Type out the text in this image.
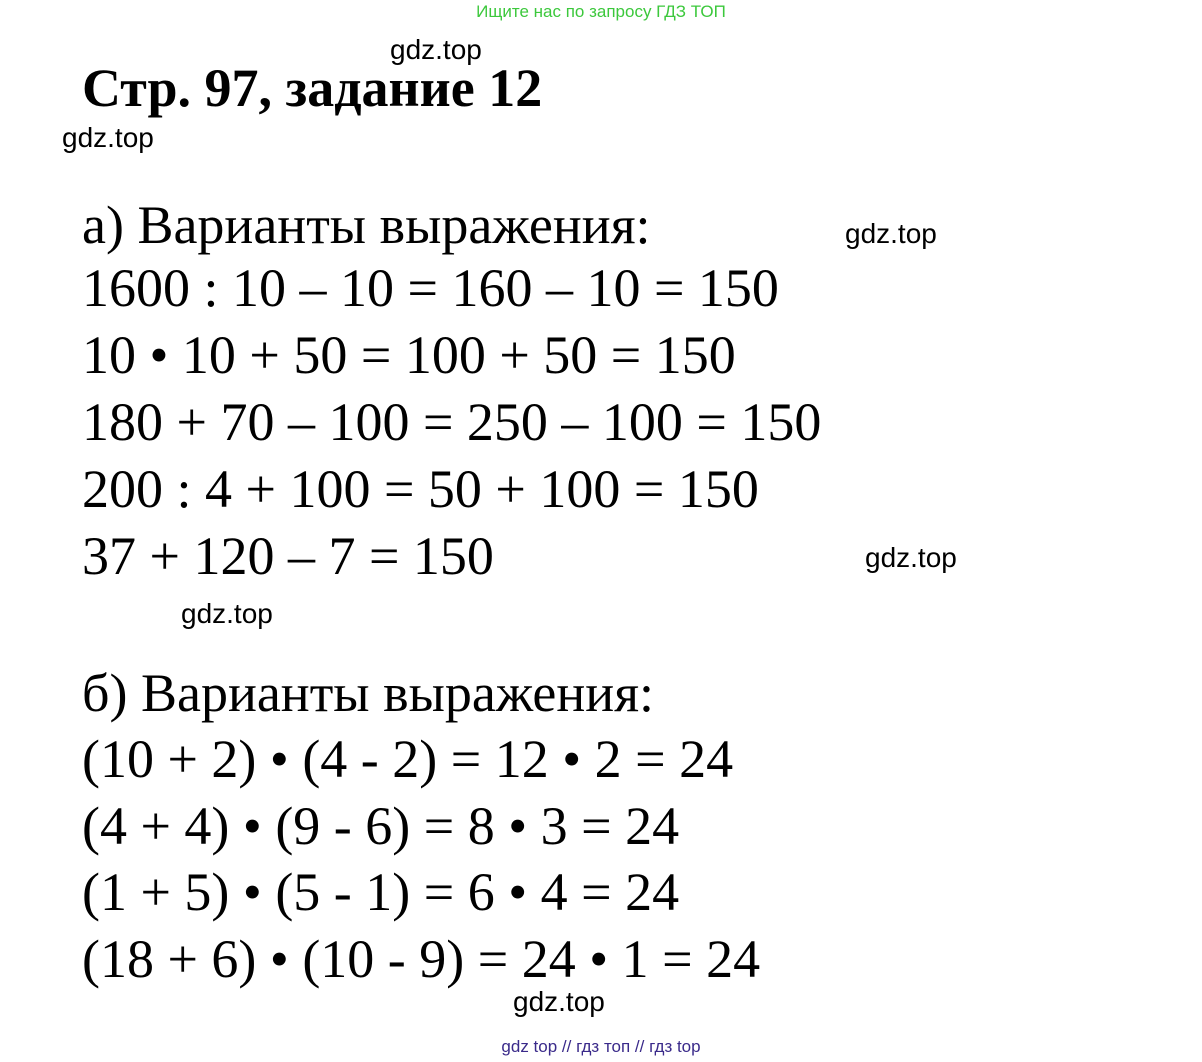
Ищите нас по запросу ГДЗ ТОП
Стр. 97, задание 12
gdz.top
gdz.top
gdz.top
gdz.top
gdz.top
gdz.top

а) Варианты выражения:

1600 : 10 – 10 = 160 – 10 = 150

10 • 10 + 50 = 100 + 50 = 150

180 + 70 – 100 = 250 – 100 = 150

200 : 4 + 100 = 50 + 100 = 150

37 + 120 – 7 = 150

б) Варианты выражения:

(10 + 2) • (4 - 2) = 12 • 2 = 24

(4 + 4) • (9 - 6) = 8 • 3 = 24

(1 + 5) • (5 - 1) = 6 • 4 = 24

(18 + 6) • (10 - 9) = 24 • 1 = 24

gdz top // гдз топ // гдз top
